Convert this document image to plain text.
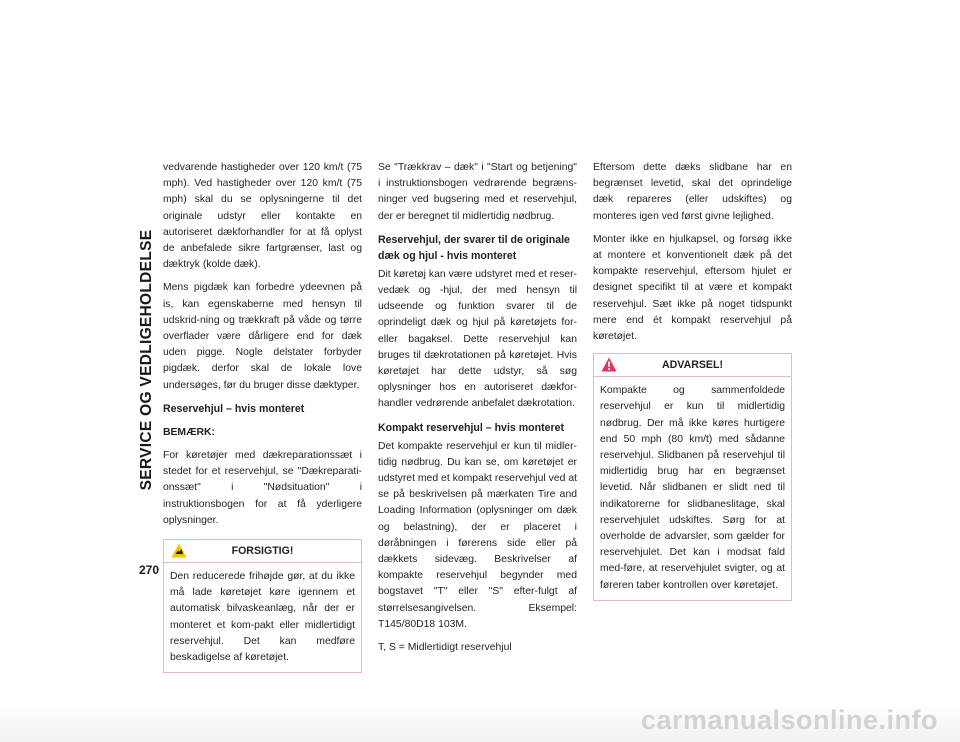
SERVICE OG VEDLIGEHOLDELSE
270

vedvarende hastigheder over 120 km/t (75 mph). Ved hastigheder over 120 km/t (75 mph) skal du se oplysningerne til det originale udstyr eller kontakte en autoriseret dækforhandler for at få oplyst de anbefalede sikre fartgrænser, last og dæktryk (kolde dæk).

Mens pigdæk kan forbedre ydeevnen på is, kan egenskaberne med hensyn til udskrid-ning og trækkraft på våde og tørre overflader være dårligere end for dæk uden pigge. Nogle delstater forbyder pigdæk. derfor skal de lokale love undersøges, før du bruger disse dæktyper.

Reservehjul – hvis monteret

BEMÆRK:

For køretøjer med dækreparationssæt i stedet for et reservehjul, se "Dækreparati-onssæt" i "Nødsituation" i instruktionsbogen for at få yderligere oplysninger.

FORSIGTIG!
Den reducerede frihøjde gør, at du ikke må lade køretøjet køre igennem et automatisk bilvaskeanlæg, når der er monteret et kom-pakt eller midlertidigt reservehjul. Det kan medføre beskadigelse af køretøjet.

Se "Trækkrav – dæk" i "Start og betjening" i instruktionsbogen vedrørende begræns-ninger ved bugsering med et reservehjul, der er beregnet til midlertidig nødbrug.

Reservehjul, der svarer til de originale dæk og hjul - hvis monteret

Dit køretøj kan være udstyret med et reser-vedæk og -hjul, der med hensyn til udseende og funktion svarer til de oprindeligt dæk og hjul på køretøjets for- eller bagaksel. Dette reservehjul kan bruges til dækrotationen på køretøjet. Hvis køretøjet har dette udstyr, så søg oplysninger hos en autoriseret dækfor-handler vedrørende anbefalet dækrotation.

Kompakt reservehjul – hvis monteret

Det kompakte reservehjul er kun til midler-tidig nødbrug. Du kan se, om køretøjet er udstyret med et kompakt reservehjul ved at se på beskrivelsen på mærkaten Tire and Loading Information (oplysninger om dæk og belastning), der er placeret i døråbningen i førerens side eller på dækkets sidevæg. Beskrivelser af kompakte reservehjul begynder med bogstavet "T" eller "S" efter-fulgt af størrelsesangivelsen. Eksempel: T145/80D18 103M.

T, S = Midlertidigt reservehjul

Eftersom dette dæks slidbane har en begrænset levetid, skal det oprindelige dæk repareres (eller udskiftes) og monteres igen ved først givne lejlighed.

Monter ikke en hjulkapsel, og forsøg ikke at montere et konventionelt dæk på det kompakte reservehjul, eftersom hjulet er designet specifikt til at være et kompakt reservehjul. Sæt ikke på noget tidspunkt mere end ét kompakt reservehjul på køretøjet.

ADVARSEL!
Kompakte og sammenfoldede reservehjul er kun til midlertidig nødbrug. Der må ikke køres hurtigere end 50 mph (80 km/t) med sådanne reservehjul. Slidbanen på reservehjul til midlertidig brug har en begrænset levetid. Når slidbanen er slidt ned til indikatorerne for slidbaneslitage, skal reservehjulet udskiftes. Sørg for at overholde de advarsler, som gælder for reservehjulet. Det kan i modsat fald med-føre, at reservehjulet svigter, og at føreren taber kontrollen over køretøjet.
carmanualsonline.info
